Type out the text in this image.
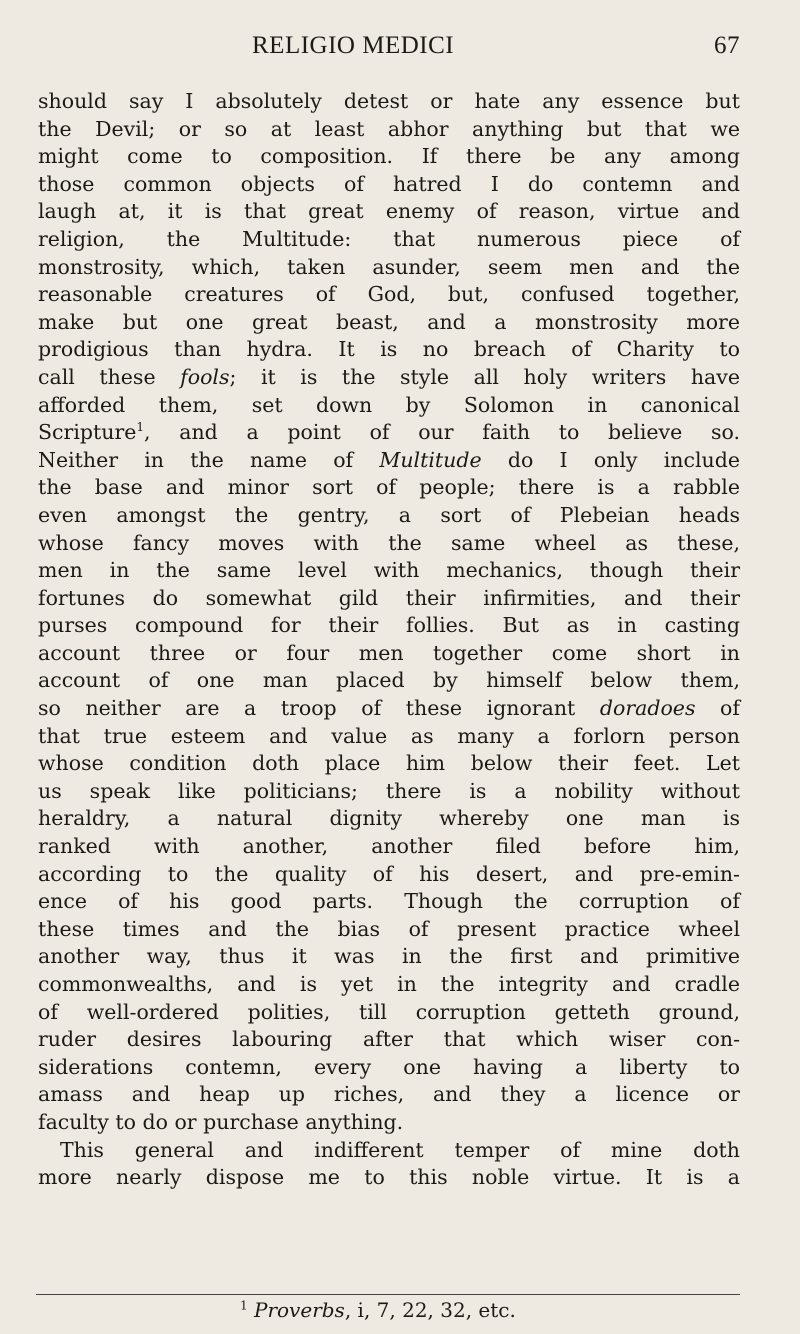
RELIGIO MEDICI	67
should say I absolutely detest or hate any essence but
the Devil; or so at least abhor anything but that we
might come to composition. If there be any among
those common objects of hatred I do contemn and
laugh at, it is that great enemy of reason, virtue and
religion, the Multitude: that numerous piece of
monstrosity, which, taken asunder, seem men and the
reasonable creatures of God, but, confused together,
make but one great beast, and a monstrosity more
prodigious than hydra. It is no breach of Charity to
call these fools; it is the style all holy writers have
afforded them, set down by Solomon in canonical
Scripture$^1$, and a point of our faith to believe so.
Neither in the name of Multitude do I only include
the base and minor sort of people; there is a rabble
even amongst the gentry, a sort of Plebeian heads
whose fancy moves with the same wheel as these,
men in the same level with mechanics, though their
fortunes do somewhat gild their infirmities, and their
purses compound for their follies. But as in casting
account three or four men together come short in
account of one man placed by himself below them,
so neither are a troop of these ignorant doradoes of
that true esteem and value as many a forlorn person
whose condition doth place him below their feet. Let
us speak like politicians; there is a nobility without
heraldry, a natural dignity whereby one man is
ranked with another, another filed before him,
according to the quality of his desert, and pre-emin-
ence of his good parts. Though the corruption of
these times and the bias of present practice wheel
another way, thus it was in the first and primitive
commonwealths, and is yet in the integrity and cradle
of well-ordered polities, till corruption getteth ground,
ruder desires labouring after that which wiser con-
siderations contemn, every one having a liberty to
amass and heap up riches, and they a licence or
faculty to do or purchase anything.
This general and indifferent temper of mine doth
more nearly dispose me to this noble virtue. It is a
$^1$ Proverbs, i, 7, 22, 32, etc.
